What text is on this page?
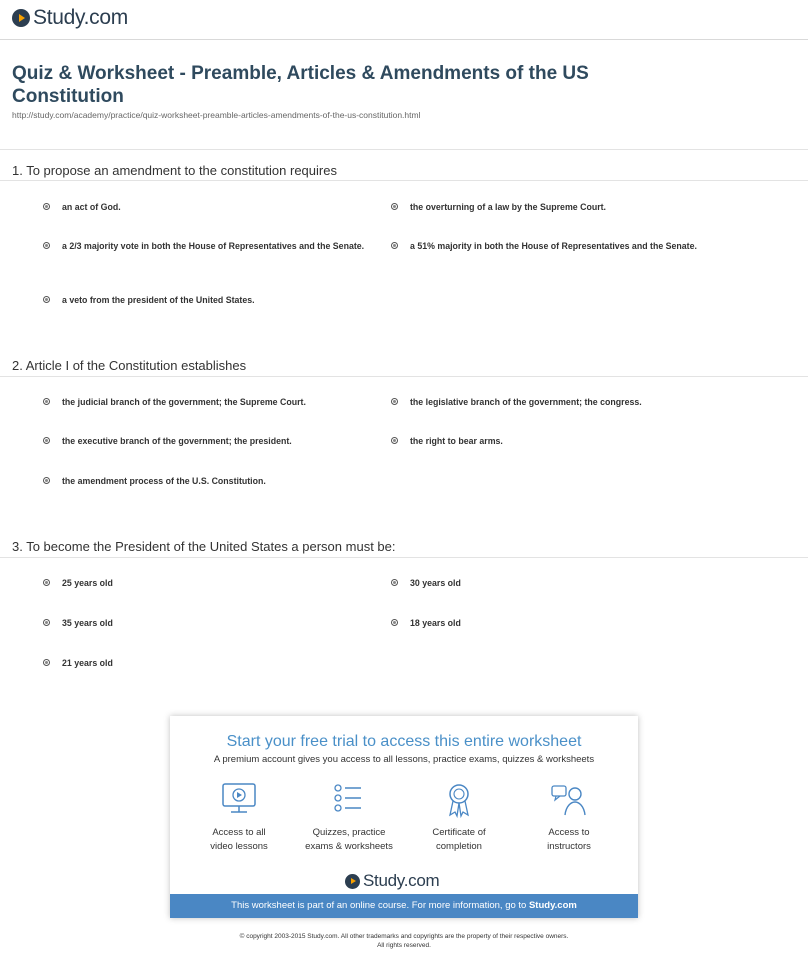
Study.com
Quiz & Worksheet - Preamble, Articles & Amendments of the US Constitution
http://study.com/academy/practice/quiz-worksheet-preamble-articles-amendments-of-the-us-constitution.html
1. To propose an amendment to the constitution requires
an act of God.	the overturning of a law by the Supreme Court.
a 2/3 majority vote in both the House of Representatives and the Senate.	a 51% majority in both the House of Representatives and the Senate.
a veto from the president of the United States.
2. Article I of the Constitution establishes
the judicial branch of the government; the Supreme Court.	the legislative branch of the government; the congress.
the executive branch of the government; the president.	the right to bear arms.
the amendment process of the U.S. Constitution.
3. To become the President of the United States a person must be:
25 years old	30 years old
35 years old	18 years old
21 years old
Start your free trial to access this entire worksheet
A premium account gives you access to all lessons, practice exams, quizzes & worksheets
Access to all
video lessons
Quizzes, practice
exams & worksheets
Certificate of
completion
Access to
instructors
Study.com
This worksheet is part of an online course. For more information, go to Study.com
© copyright 2003-2015 Study.com. All other trademarks and copyrights are the property of their respective owners.
All rights reserved.
